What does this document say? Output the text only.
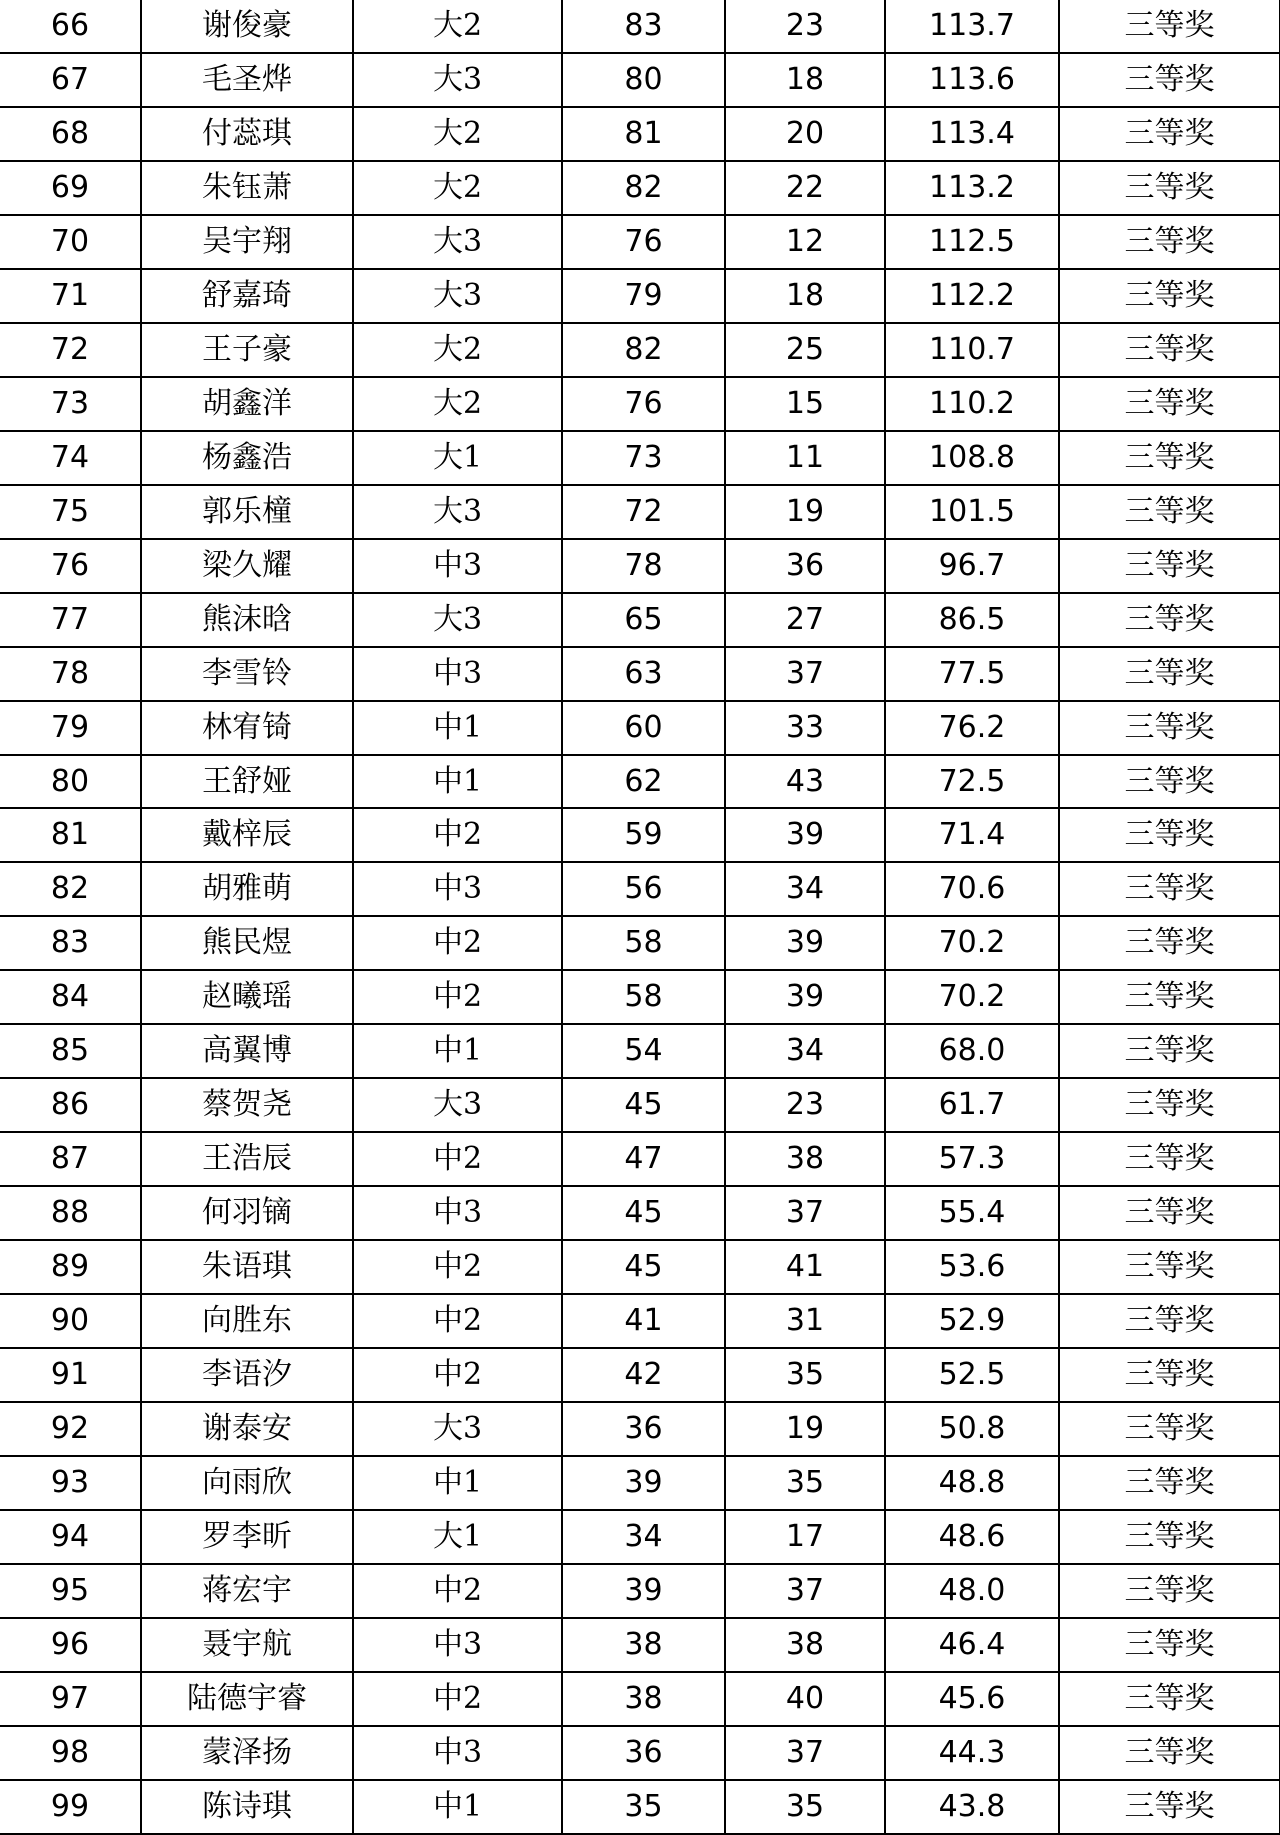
66	谢俊豪	大2	83	23	113.7	三等奖
67	毛圣烨	大3	80	18	113.6	三等奖
68	付蕊琪	大2	81	20	113.4	三等奖
69	朱钰萧	大2	82	22	113.2	三等奖
70	吴宇翔	大3	76	12	112.5	三等奖
71	舒嘉琦	大3	79	18	112.2	三等奖
72	王子豪	大2	82	25	110.7	三等奖
73	胡鑫洋	大2	76	15	110.2	三等奖
74	杨鑫浩	大1	73	11	108.8	三等奖
75	郭乐橦	大3	72	19	101.5	三等奖
76	梁久耀	中3	78	36	96.7	三等奖
77	熊沫晗	大3	65	27	86.5	三等奖
78	李雪铃	中3	63	37	77.5	三等奖
79	林宥锜	中1	60	33	76.2	三等奖
80	王舒娅	中1	62	43	72.5	三等奖
81	戴梓辰	中2	59	39	71.4	三等奖
82	胡雅萌	中3	56	34	70.6	三等奖
83	熊民煜	中2	58	39	70.2	三等奖
84	赵曦瑶	中2	58	39	70.2	三等奖
85	高翼博	中1	54	34	68.0	三等奖
86	蔡贺尧	大3	45	23	61.7	三等奖
87	王浩辰	中2	47	38	57.3	三等奖
88	何羽镝	中3	45	37	55.4	三等奖
89	朱语琪	中2	45	41	53.6	三等奖
90	向胜东	中2	41	31	52.9	三等奖
91	李语汐	中2	42	35	52.5	三等奖
92	谢泰安	大3	36	19	50.8	三等奖
93	向雨欣	中1	39	35	48.8	三等奖
94	罗李昕	大1	34	17	48.6	三等奖
95	蒋宏宇	中2	39	37	48.0	三等奖
96	聂宇航	中3	38	38	46.4	三等奖
97	陆德宇睿	中2	38	40	45.6	三等奖
98	蒙泽扬	中3	36	37	44.3	三等奖
99	陈诗琪	中1	35	35	43.8	三等奖
